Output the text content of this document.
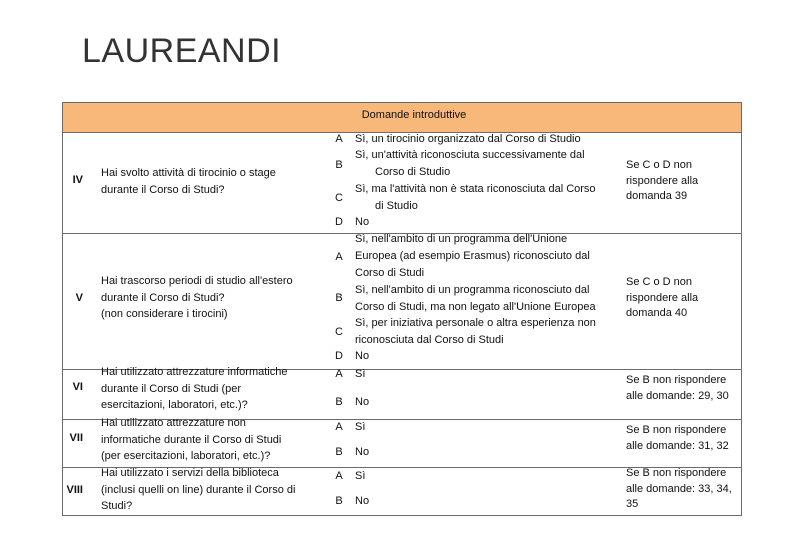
LAUREANDI
Domande introduttive
IV
Hai svolto attività di tirocinio o stage
durante il Corso di Studi?
A
B
C
D
Sì, un tirocinio organizzato dal Corso di Studio
Sì, un'attività riconosciuta successivamente dal
Corso di Studio
Sì, ma l'attività non è stata riconosciuta dal Corso
di Studio
No
Se C o D non
rispondere alla
domanda 39
V
Hai trascorso periodi di studio all'estero
durante il Corso di Studi?
(non considerare i tirocini)
A
B
C
D
Sì, nell'ambito di un programma dell'Unione
Europea (ad esempio Erasmus) riconosciuto dal
Corso di Studi
Sì, nell'ambito di un programma riconosciuto dal
Corso di Studi, ma non legato all'Unione Europea
Sì, per iniziativa personale o altra esperienza non
riconosciuta dal Corso di Studi
No
Se C o D non
rispondere alla
domanda 40
VI
Hai utilizzato attrezzature informatiche
durante il Corso di Studi (per
esercitazioni, laboratori, etc.)?
A
B
Sì
No
Se B non rispondere
alle domande: 29, 30
VII
Hai utilizzato attrezzature non
informatiche durante il Corso di Studi
(per esercitazioni, laboratori, etc.)?
A
B
Sì
No
Se B non rispondere
alle domande: 31, 32
VIII
Hai utilizzato i servizi della biblioteca
(inclusi quelli on line) durante il Corso di
Studi?
A
B
Sì
No
Se B non rispondere
alle domande: 33, 34,
35
